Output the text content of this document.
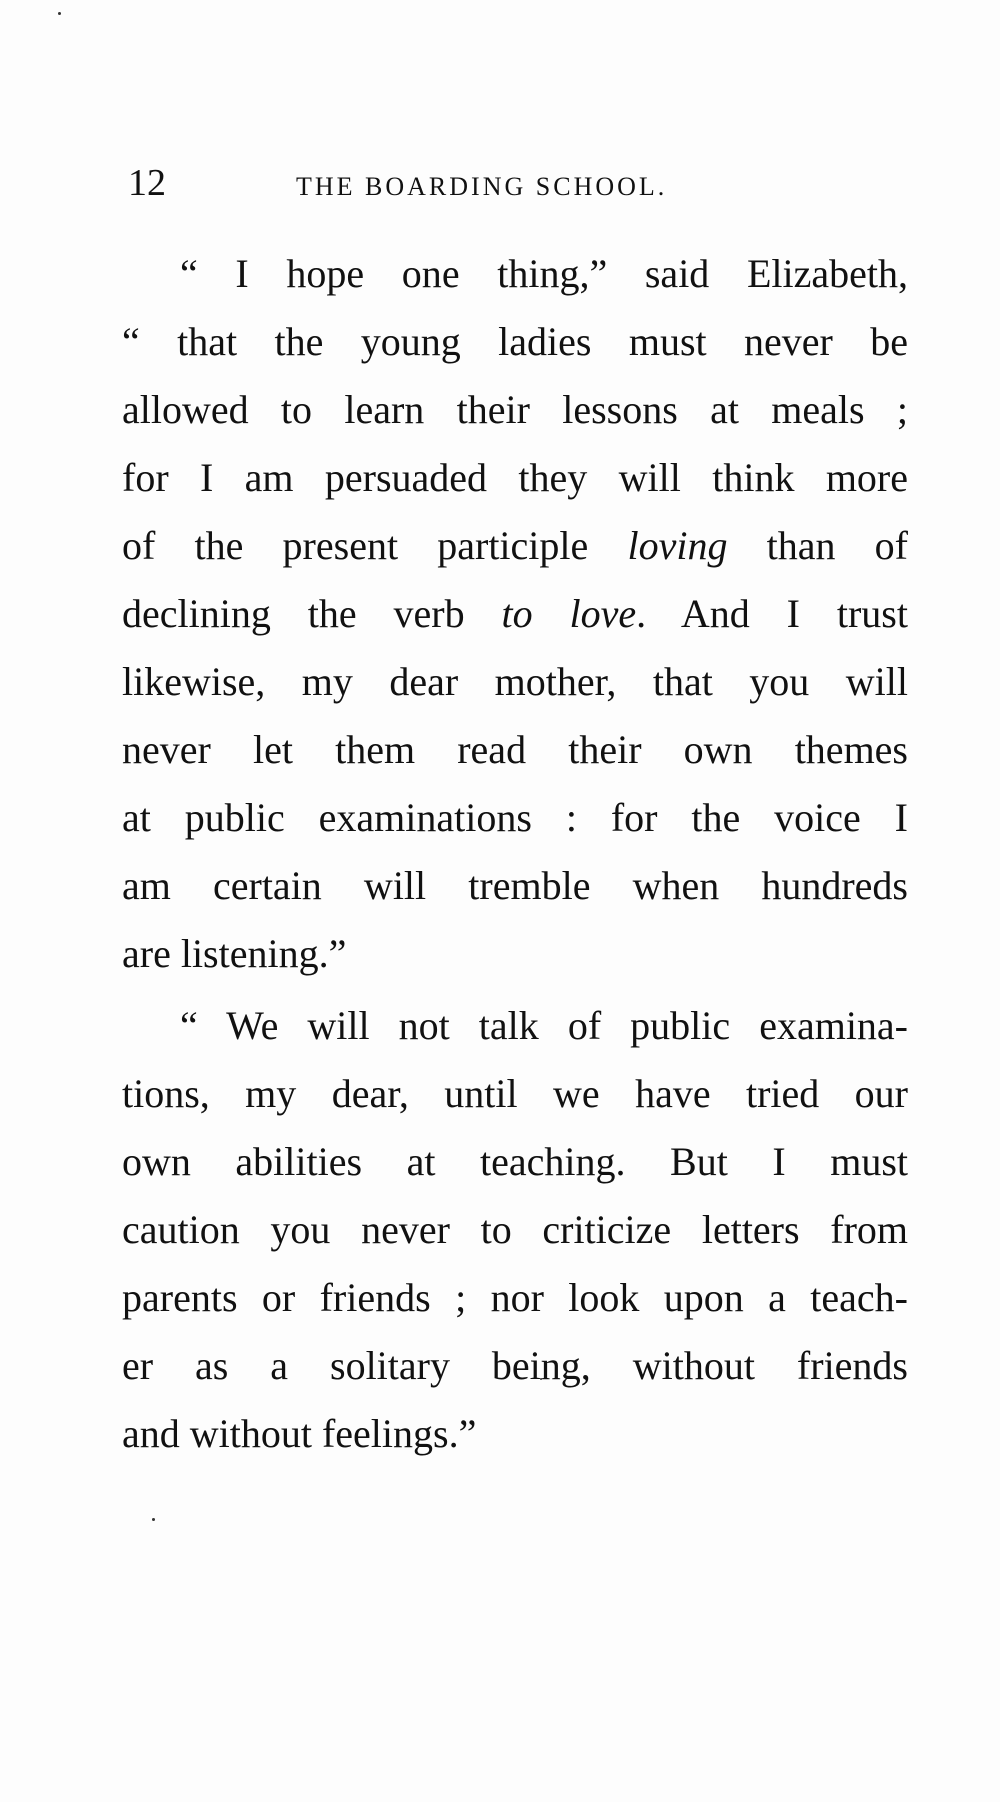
12	THE BOARDING SCHOOL.
“ I hope one thing,” said Elizabeth,
“ that the young ladies must never be
allowed to learn their lessons at meals ;
for I am persuaded they will think more
of the present participle loving than of
declining the verb to love. And I trust
likewise, my dear mother, that you will
never let them read their own themes
at public examinations : for the voice I
am certain will tremble when hundreds
are listening.”
“ We will not talk of public examina-
tions, my dear, until we have tried our
own abilities at teaching. But I must
caution you never to criticize letters from
parents or friends ; nor look upon a teach-
er as a solitary being, without friends
and without feelings.”
